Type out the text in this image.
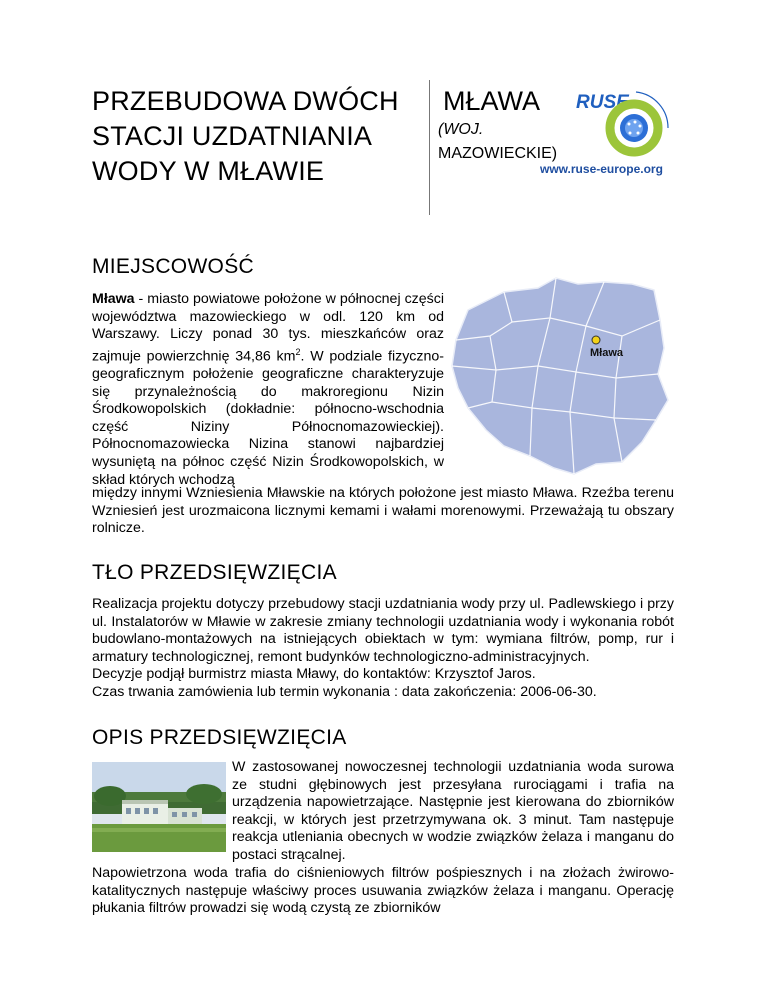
PRZEBUDOWA DWÓCH
STACJI UZDATNIANIA
WODY W MŁAWIE
MŁAWA
(WOJ.
MAZOWIECKIE)
RUSE
www.ruse-europe.org
MIEJSCOWOŚĆ

Mława - miasto powiatowe położone w północnej części województwa mazowieckiego w odl. 120 km od Warszawy. Liczy ponad 30 tys. mieszkańców oraz zajmuje powierzchnię 34,86 $km^2$. W podziale fizyczno-geograficznym położenie geograficzne charakteryzuje się przynależnością do makroregionu Nizin Środkowopolskich (dokładnie: północno-wschodnia część Niziny Północnomazowieckiej). Północnomazowiecka Nizina stanowi najbardziej wysuniętą na północ część Nizin Środkowopolskich, w skład których wchodzą

między innymi Wzniesienia Mławskie na których położone jest miasto Mława. Rzeźba terenu Wzniesień jest urozmaicona licznymi kemami i wałami morenowymi. Przeważają tu obszary rolnicze.

Mława
TŁO PRZEDSIĘWZIĘCIA

Realizacja projektu dotyczy przebudowy stacji uzdatniania wody przy ul. Padlewskiego i przy ul. Instalatorów w Mławie w zakresie zmiany technologii uzdatniania wody i wykonania robót budowlano-montażowych na istniejących obiektach w tym: wymiana filtrów, pomp, rur i armatury technologicznej, remont budynków technologiczno-administracyjnych.

Decyzje podjął burmistrz miasta Mławy, do kontaktów: Krzysztof Jaros.

Czas trwania zamówienia lub termin wykonania : data zakończenia: 2006-06-30.

OPIS PRZEDSIĘWZIĘCIA

W zastosowanej nowoczesnej technologii uzdatniania woda surowa ze studni głębinowych jest przesyłana rurociągami i trafia na urządzenia napowietrzające. Następnie jest kierowana do zbiorników reakcji, w których jest przetrzymywana ok. 3 minut. Tam następuje reakcja utleniania obecnych w wodzie związków żelaza i manganu do postaci strącalnej.

Napowietrzona woda trafia do ciśnieniowych filtrów pośpiesznych i na złożach żwirowo-katalitycznych następuje właściwy proces usuwania związków żelaza i manganu. Operację płukania filtrów prowadzi się wodą czystą ze zbiorników
